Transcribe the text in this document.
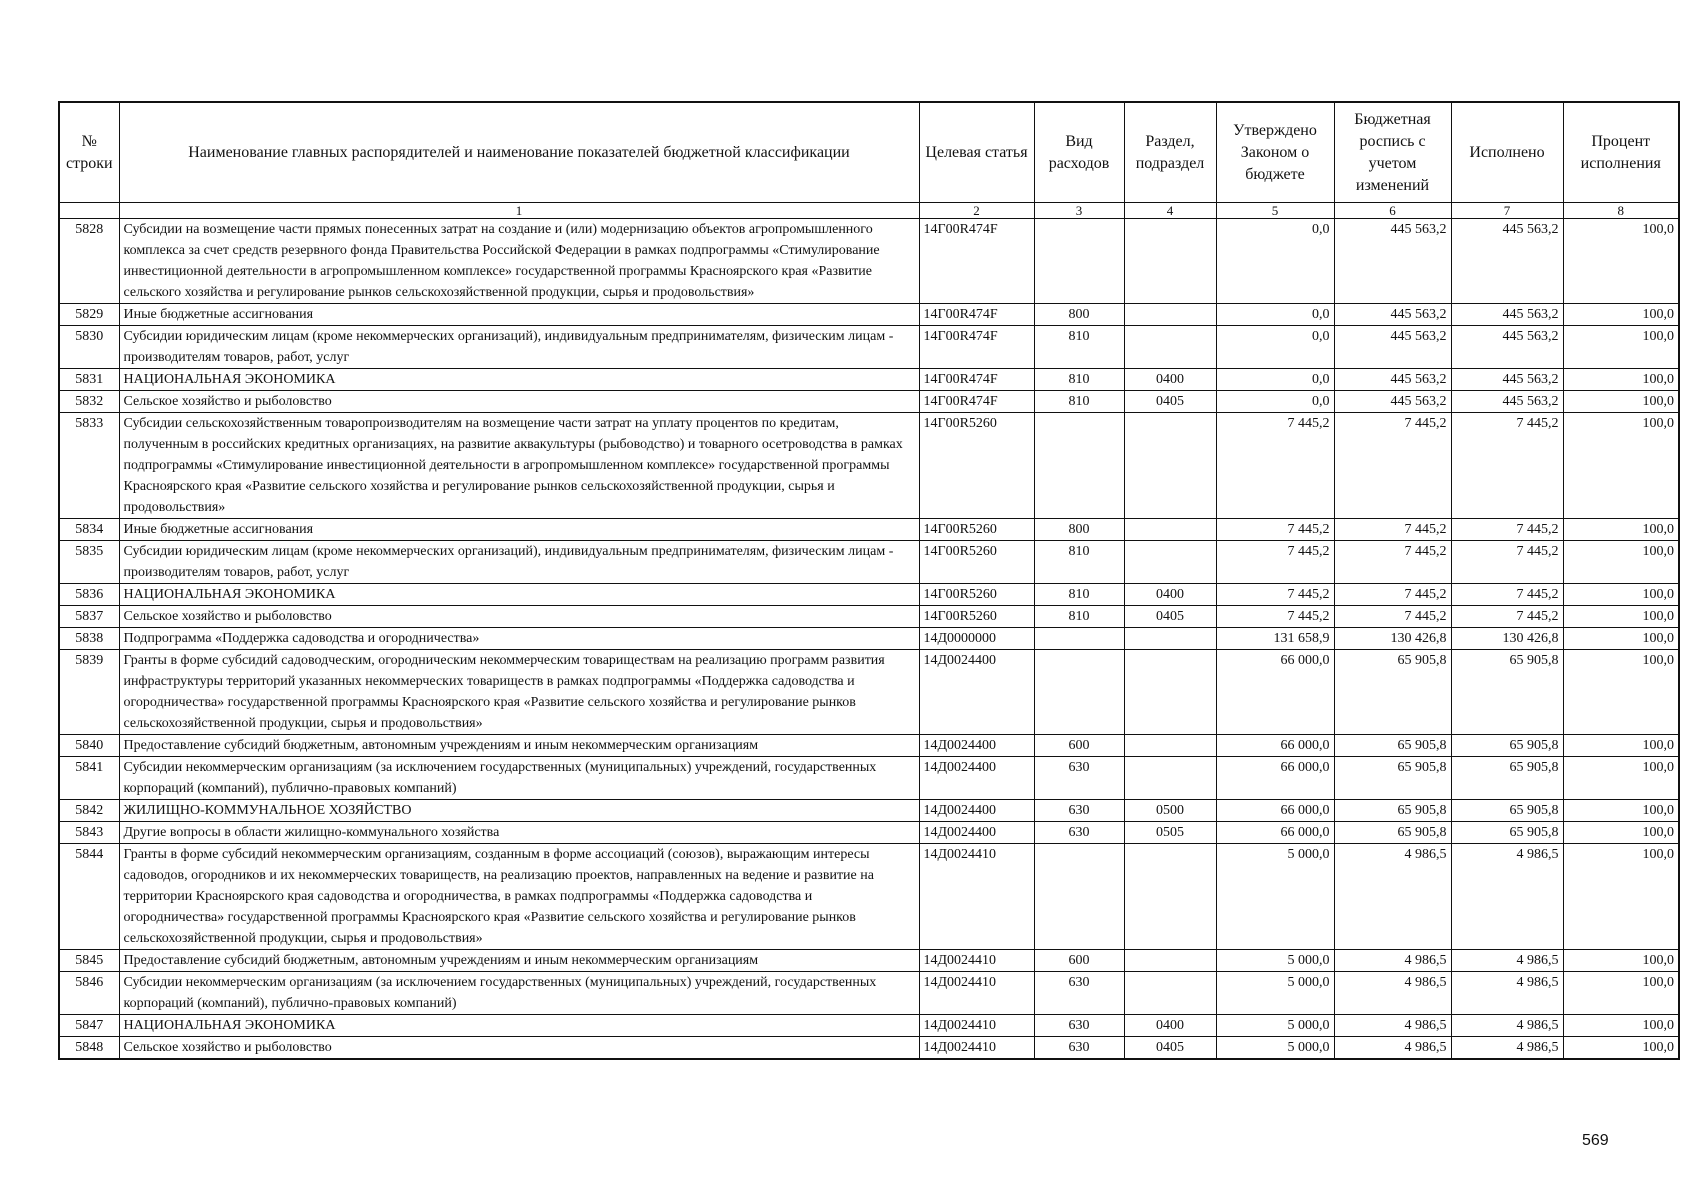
№ строки	Наименование главных распорядителей и наименование показателей бюджетной классификации	Целевая статья	Вид расходов	Раздел, подраздел	Утверждено Законом о бюджете	Бюджетная роспись с учетом изменений	Исполнено	Процент исполнения
	1	2	3	4	5	6	7	8
5828	Субсидии на возмещение части прямых понесенных затрат на создание и (или) модернизацию объектов агропромышленного комплекса за счет средств резервного фонда Правительства Российской Федерации в рамках подпрограммы «Стимулирование инвестиционной деятельности в агропромышленном комплексе» государственной программы Красноярского края «Развитие сельского хозяйства и регулирование рынков сельскохозяйственной продукции, сырья и продовольствия»	14Г00R474F			0,0	445 563,2	445 563,2	100,0
5829	Иные бюджетные ассигнования	14Г00R474F	800		0,0	445 563,2	445 563,2	100,0
5830	Субсидии юридическим лицам (кроме некоммерческих организаций), индивидуальным предпринимателям, физическим лицам - производителям товаров, работ, услуг	14Г00R474F	810		0,0	445 563,2	445 563,2	100,0
5831	НАЦИОНАЛЬНАЯ ЭКОНОМИКА	14Г00R474F	810	0400	0,0	445 563,2	445 563,2	100,0
5832	Сельское хозяйство и рыболовство	14Г00R474F	810	0405	0,0	445 563,2	445 563,2	100,0
5833	Субсидии сельскохозяйственным товаропроизводителям на возмещение части затрат на уплату процентов по кредитам, полученным в российских кредитных организациях, на развитие аквакультуры (рыбоводство) и товарного осетроводства в рамках подпрограммы «Стимулирование инвестиционной деятельности в агропромышленном комплексе» государственной программы Красноярского края «Развитие сельского хозяйства и регулирование рынков сельскохозяйственной продукции, сырья и продовольствия»	14Г00R5260			7 445,2	7 445,2	7 445,2	100,0
5834	Иные бюджетные ассигнования	14Г00R5260	800		7 445,2	7 445,2	7 445,2	100,0
5835	Субсидии юридическим лицам (кроме некоммерческих организаций), индивидуальным предпринимателям, физическим лицам - производителям товаров, работ, услуг	14Г00R5260	810		7 445,2	7 445,2	7 445,2	100,0
5836	НАЦИОНАЛЬНАЯ ЭКОНОМИКА	14Г00R5260	810	0400	7 445,2	7 445,2	7 445,2	100,0
5837	Сельское хозяйство и рыболовство	14Г00R5260	810	0405	7 445,2	7 445,2	7 445,2	100,0
5838	Подпрограмма «Поддержка садоводства и огородничества»	14Д0000000			131 658,9	130 426,8	130 426,8	100,0
5839	Гранты в форме субсидий садоводческим, огородническим некоммерческим товариществам на реализацию программ развития инфраструктуры территорий указанных некоммерческих товариществ в рамках подпрограммы «Поддержка садоводства и огородничества» государственной программы Красноярского края «Развитие сельского хозяйства и регулирование рынков сельскохозяйственной продукции, сырья и продовольствия»	14Д0024400			66 000,0	65 905,8	65 905,8	100,0
5840	Предоставление субсидий бюджетным, автономным учреждениям и иным некоммерческим организациям	14Д0024400	600		66 000,0	65 905,8	65 905,8	100,0
5841	Субсидии некоммерческим организациям (за исключением государственных (муниципальных) учреждений, государственных корпораций (компаний), публично-правовых компаний)	14Д0024400	630		66 000,0	65 905,8	65 905,8	100,0
5842	ЖИЛИЩНО-КОММУНАЛЬНОЕ ХОЗЯЙСТВО	14Д0024400	630	0500	66 000,0	65 905,8	65 905,8	100,0
5843	Другие вопросы в области жилищно-коммунального хозяйства	14Д0024400	630	0505	66 000,0	65 905,8	65 905,8	100,0
5844	Гранты в форме субсидий некоммерческим организациям, созданным в форме ассоциаций (союзов), выражающим интересы садоводов, огородников и их некоммерческих товариществ, на реализацию проектов, направленных на ведение и развитие на территории Красноярского края садоводства и огородничества, в рамках подпрограммы «Поддержка садоводства и огородничества» государственной программы Красноярского края «Развитие сельского хозяйства и регулирование рынков сельскохозяйственной продукции, сырья и продовольствия»	14Д0024410			5 000,0	4 986,5	4 986,5	100,0
5845	Предоставление субсидий бюджетным, автономным учреждениям и иным некоммерческим организациям	14Д0024410	600		5 000,0	4 986,5	4 986,5	100,0
5846	Субсидии некоммерческим организациям (за исключением государственных (муниципальных) учреждений, государственных корпораций (компаний), публично-правовых компаний)	14Д0024410	630		5 000,0	4 986,5	4 986,5	100,0
5847	НАЦИОНАЛЬНАЯ ЭКОНОМИКА	14Д0024410	630	0400	5 000,0	4 986,5	4 986,5	100,0
5848	Сельское хозяйство и рыболовство	14Д0024410	630	0405	5 000,0	4 986,5	4 986,5	100,0
569
